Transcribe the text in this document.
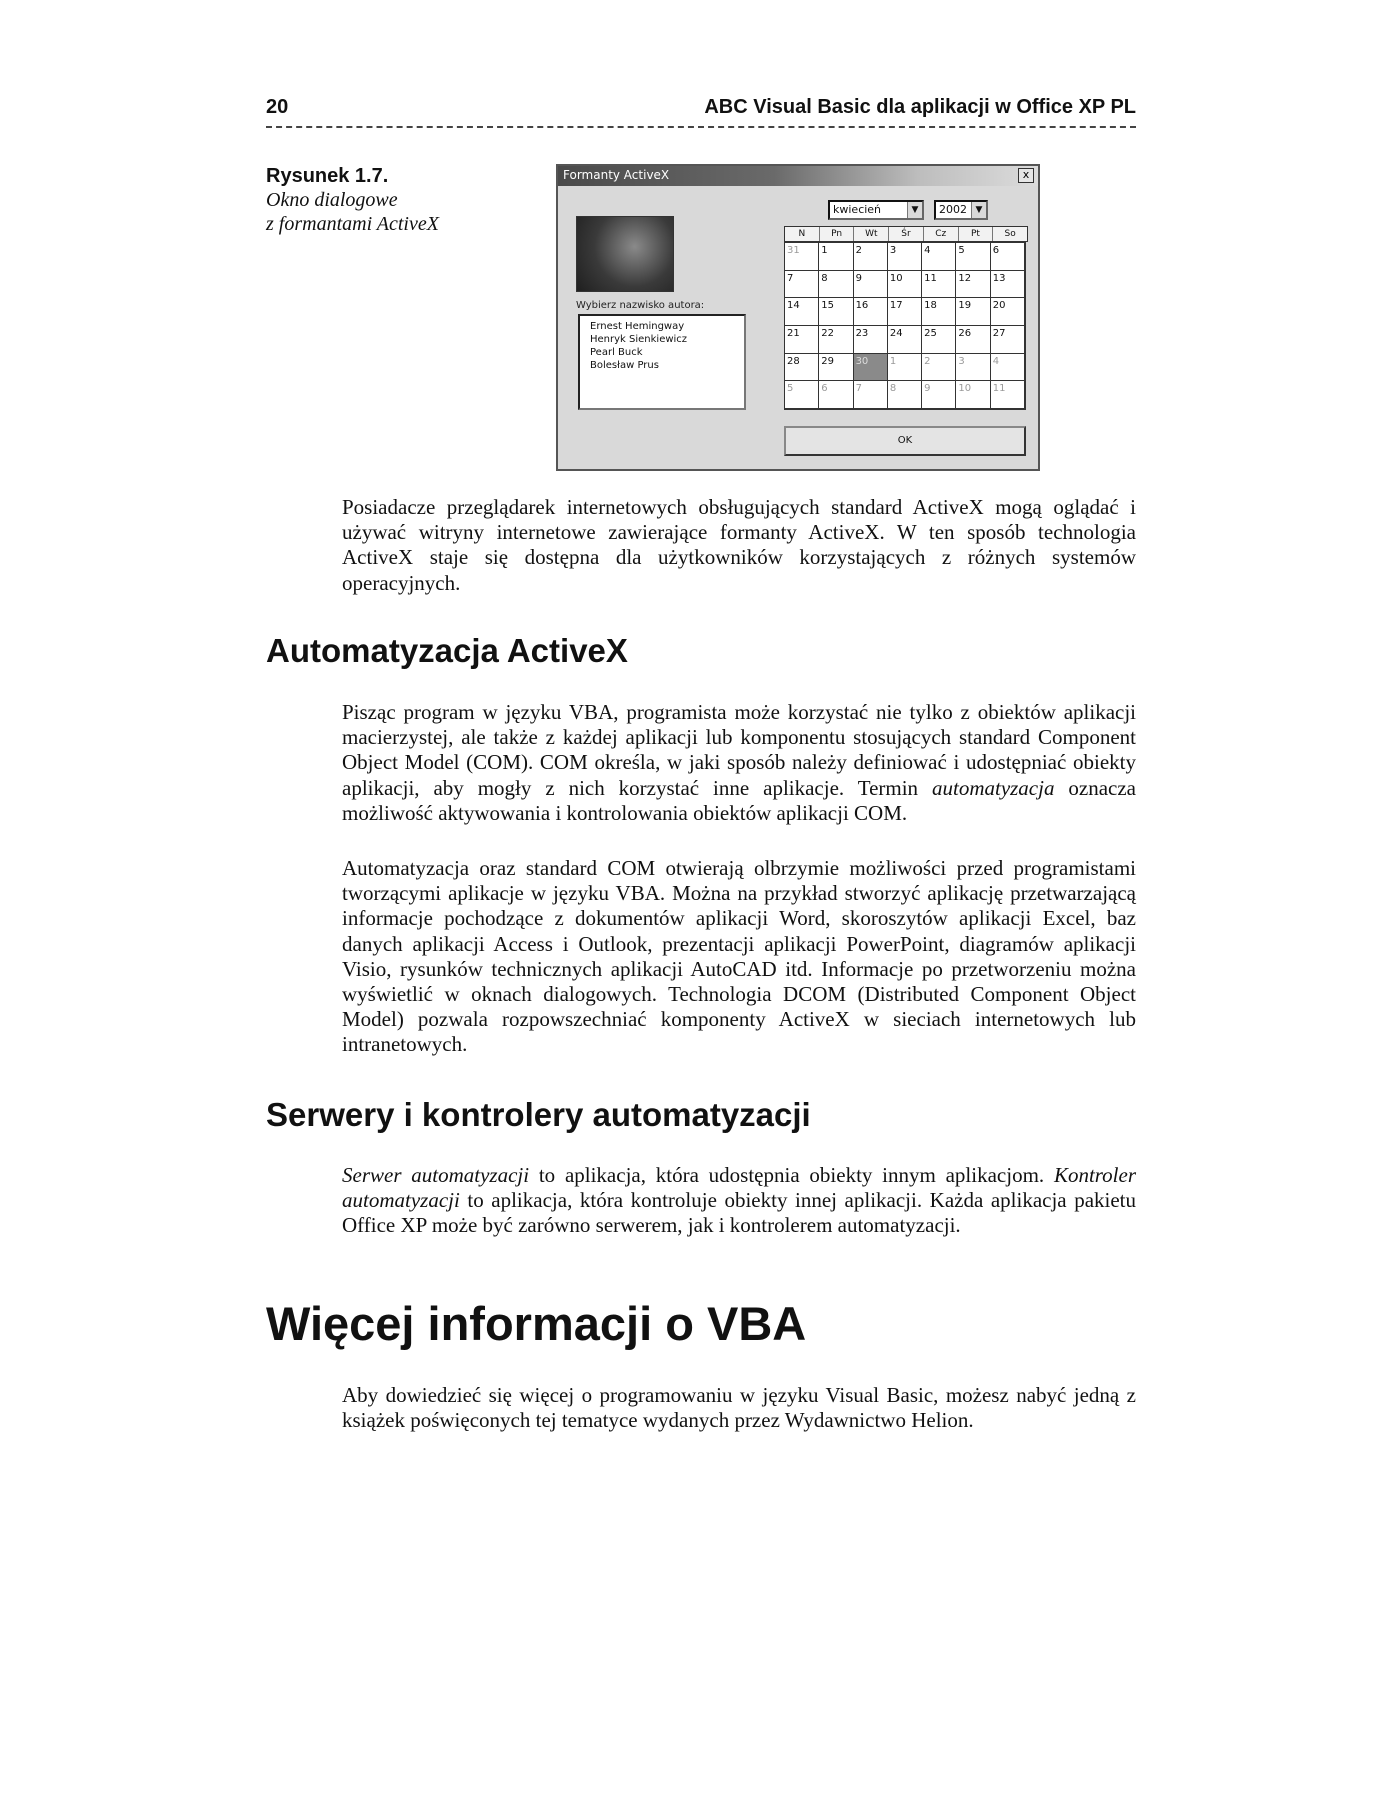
20	ABC Visual Basic dla aplikacji w Office XP PL
Rysunek 1.7.
Okno dialogowe
z formantami ActiveX
Formanty ActiveX	x
Wybierz nazwisko autora:
Ernest Hemingway
Henryk Sienkiewicz
Pearl Buck
Bolesław Prus
kwiecień	▼	2002 ▼
N	Pn	Wt	Śr	Cz	Pt	So
31	1	2	3	4	5	6
7	8	9	10	11	12	13
14	15	16	17	18	19	20
21	22	23	24	25	26	27
28	29	30	1	2	3	4
5	6	7	8	9	10	11
OK
Posiadacze przeglądarek internetowych obsługujących standard ActiveX mogą oglądać i używać witryny internetowe zawierające formanty ActiveX. W ten sposób technologia ActiveX staje się dostępna dla użytkowników korzystających z różnych systemów operacyjnych.
Automatyzacja ActiveX
Pisząc program w języku VBA, programista może korzystać nie tylko z obiektów aplikacji macierzystej, ale także z każdej aplikacji lub komponentu stosujących standard Component Object Model (COM). COM określa, w jaki sposób należy definiować i udostępniać obiekty aplikacji, aby mogły z nich korzystać inne aplikacje. Termin automatyzacja oznacza możliwość aktywowania i kontrolowania obiektów aplikacji COM.
Automatyzacja oraz standard COM otwierają olbrzymie możliwości przed programistami tworzącymi aplikacje w języku VBA. Można na przykład stworzyć aplikację przetwarzającą informacje pochodzące z dokumentów aplikacji Word, skoroszytów aplikacji Excel, baz danych aplikacji Access i Outlook, prezentacji aplikacji PowerPoint, diagramów aplikacji Visio, rysunków technicznych aplikacji AutoCAD itd. Informacje po przetworzeniu można wyświetlić w oknach dialogowych. Technologia DCOM (Distributed Component Object Model) pozwala rozpowszechniać komponenty ActiveX w sieciach internetowych lub intranetowych.
Serwery i kontrolery automatyzacji
Serwer automatyzacji to aplikacja, która udostępnia obiekty innym aplikacjom. Kontroler automatyzacji to aplikacja, która kontroluje obiekty innej aplikacji. Każda aplikacja pakietu Office XP może być zarówno serwerem, jak i kontrolerem automatyzacji.
Więcej informacji o VBA
Aby dowiedzieć się więcej o programowaniu w języku Visual Basic, możesz nabyć jedną z książek poświęconych tej tematyce wydanych przez Wydawnictwo Helion.
